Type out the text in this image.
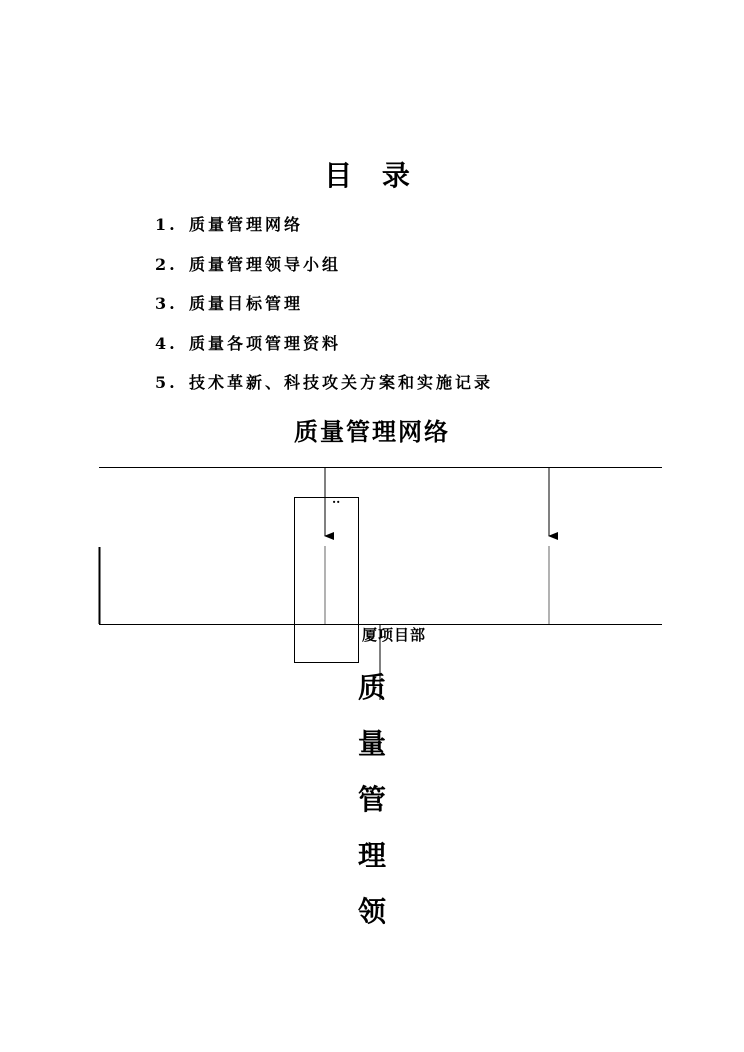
目 录
1. 质量管理网络
2. 质量管理领导小组
3. 质量目标管理
4. 质量各项管理资料
5. 技术革新、科技攻关方案和实施记录
质量管理网络
..
厦项目部
质量管理领
